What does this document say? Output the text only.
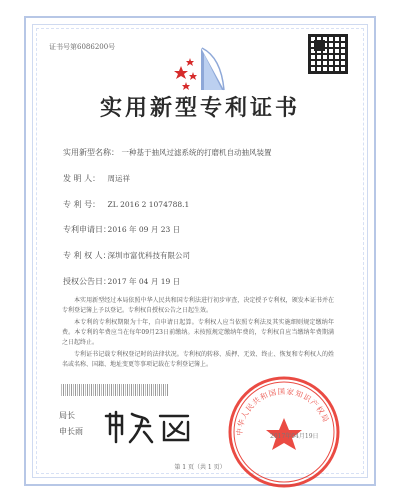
证书号第6086200号
实用新型专利证书
实用新型名称： 一种基于抽风过滤系统的打磨机自动抽风装置
发 明 人： 周运祥
专 利 号： ZL 2016 2 1074788.1
专利申请日： 2016 年 09 月 23 日
专 利 权 人： 深圳市富优科技有限公司
授权公告日： 2017 年 04 月 19 日

本实用新型经过本局依照中华人民共和国专利法进行初步审查，决定授予专利权，颁发本证书并在专利登记簿上予以登记。专利权自授权公告之日起生效。

本专利的专利权期限为十年，自申请日起算。专利权人应当依照专利法及其实施细则规定缴纳年费。本专利的年费应当在每年09月23日前缴纳。未按照规定缴纳年费的，专利权自应当缴纳年费期满之日起终止。

专利证书记载专利权登记时的法律状况。专利权的转移、质押、无效、终止、恢复和专利权人的姓名或名称、国籍、地址变更等事项记载在专利登记簿上。

局长
申长雨	中华人民共和国国家知识产权局
2017年04月19日
第 1 页（共 1 页）
